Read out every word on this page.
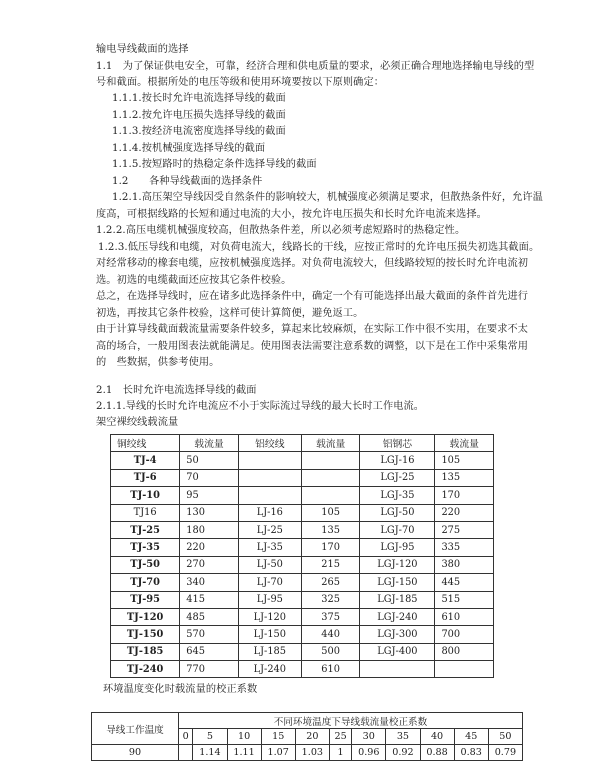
输电导线截面的选择
1.1　为了保证供电安全，可靠，经济合理和供电质量的要求，必须正确合理地选择输电导线的型
号和截面。根据所处的电压等级和使用环境要按以下原则确定：
1.1.1.按长时允许电流选择导线的截面
1.1.2.按允许电压损失选择导线的截面
1.1.3.按经济电流密度选择导线的截面
1.1.4.按机械强度选择导线的截面
1.1.5.按短路时的热稳定条件选择导线的截面
1.2　　各种导线截面的选择条件
1.2.1.高压架空导线因受自然条件的影响较大，机械强度必须满足要求，但散热条件好，允许温
度高，可根据线路的长短和通过电流的大小，按允许电压损失和长时允许电流来选择。
1.2.2.高压电缆机械强度较高，但散热条件差，所以必须考虑短路时的热稳定性。
1.2.3.低压导线和电缆，对负荷电流大，线路长的干线，应按正常时的允许电压损失初选其截面。
对经常移动的橡套电缆，应按机械强度选择。对负荷电流较大，但线路较短的按长时允许电流初
选。初选的电缆截面还应按其它条件校验。
总之，在选择导线时，应在诸多此选择条件中，确定一个有可能选择出最大截面的条件首先进行
初选，再按其它条件校验，这样可使计算简便，避免返工。
由于计算导线截面载流量需要条件较多，算起来比较麻烦，在实际工作中很不实用，在要求不太
高的场合，一般用图表法就能满足。使用图表法需要注意系数的调整，以下是在工作中采集常用
的　些数据，供参考使用。
2.1　长时允许电流选择导线的截面
2.1.1.导线的长时允许电流应不小于实际流过导线的最大长时工作电流。
架空裸绞线载流量
铜绞线	载流量	铝绞线	载流量	铝钢芯	载流量
TJ-4	50			LGJ-16	105
TJ-6	70			LGJ-25	135
TJ-10	95			LGJ-35	170
TJ16	130	LJ-16	105	LGJ-50	220
TJ-25	180	LJ-25	135	LGJ-70	275
TJ-35	220	LJ-35	170	LGJ-95	335
TJ-50	270	LJ-50	215	LGJ-120	380
TJ-70	340	LJ-70	265	LGJ-150	445
TJ-95	415	LJ-95	325	LGJ-185	515
TJ-120	485	LJ-120	375	LGJ-240	610
TJ-150	570	LJ-150	440	LGJ-300	700
TJ-185	645	LJ-185	500	LGJ-400	800
TJ-240	770	LJ-240	610		
环境温度变化时载流量的校正系数
导线工作温度	不同环境温度下导线载流量校正系数										
	0	5	10	15	20	25	30	35	40	45	50
90		1.14	1.11	1.07	1.03	1	0.96	0.92	0.88	0.83	0.79
